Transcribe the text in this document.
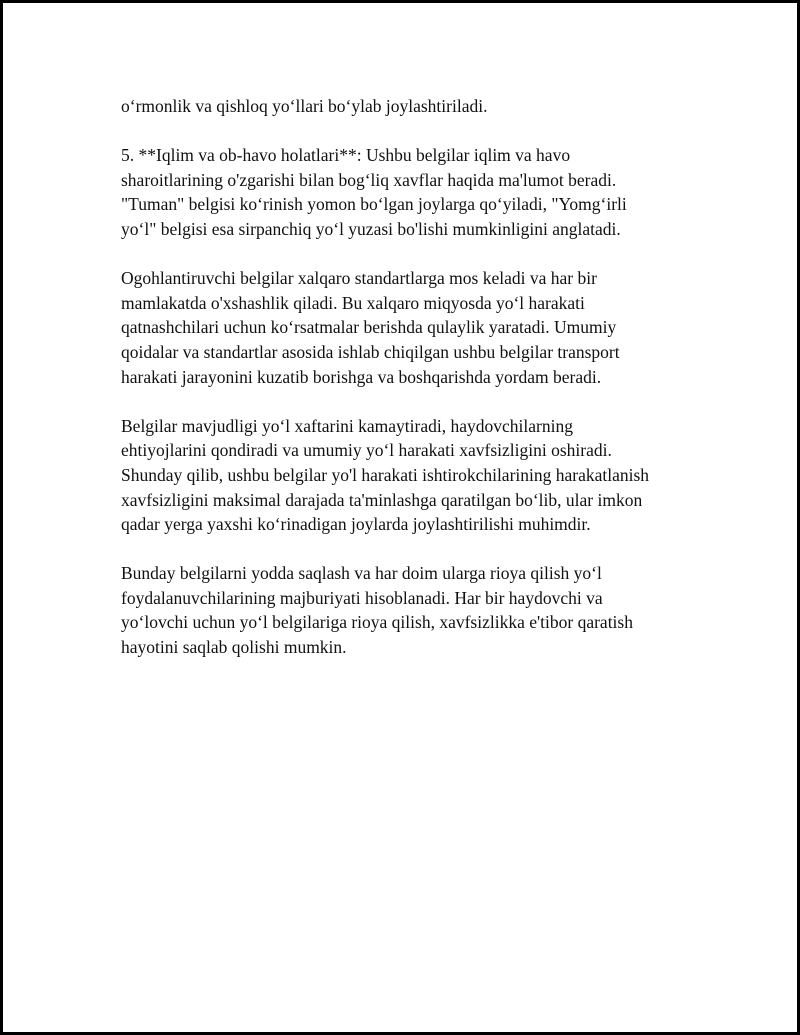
oʻrmonlik va qishloq yoʻllari boʻylab joylashtiriladi.
5. **Iqlim va ob-havo holatlari**: Ushbu belgilar iqlim va havo
sharoitlarining o'zgarishi bilan bogʻliq xavflar haqida ma'lumot beradi.
"Tuman" belgisi koʻrinish yomon boʻlgan joylarga qoʻyiladi, "Yomgʻirli
yoʻl" belgisi esa sirpanchiq yoʻl yuzasi bo'lishi mumkinligini anglatadi.
Ogohlantiruvchi belgilar xalqaro standartlarga mos keladi va har bir
mamlakatda o'xshashlik qiladi. Bu xalqaro miqyosda yoʻl harakati
qatnashchilari uchun koʻrsatmalar berishda qulaylik yaratadi. Umumiy
qoidalar va standartlar asosida ishlab chiqilgan ushbu belgilar transport
harakati jarayonini kuzatib borishga va boshqarishda yordam beradi.
Belgilar mavjudligi yoʻl xaftarini kamaytiradi, haydovchilarning
ehtiyojlarini qondiradi va umumiy yoʻl harakati xavfsizligini oshiradi.
Shunday qilib, ushbu belgilar yo'l harakati ishtirokchilarining harakatlanish
xavfsizligini maksimal darajada ta'minlashga qaratilgan boʻlib, ular imkon
qadar yerga yaxshi koʻrinadigan joylarda joylashtirilishi muhimdir.
Bunday belgilarni yodda saqlash va har doim ularga rioya qilish yoʻl
foydalanuvchilarining majburiyati hisoblanadi. Har bir haydovchi va
yoʻlovchi uchun yoʻl belgilariga rioya qilish, xavfsizlikka e'tibor qaratish
hayotini saqlab qolishi mumkin.
